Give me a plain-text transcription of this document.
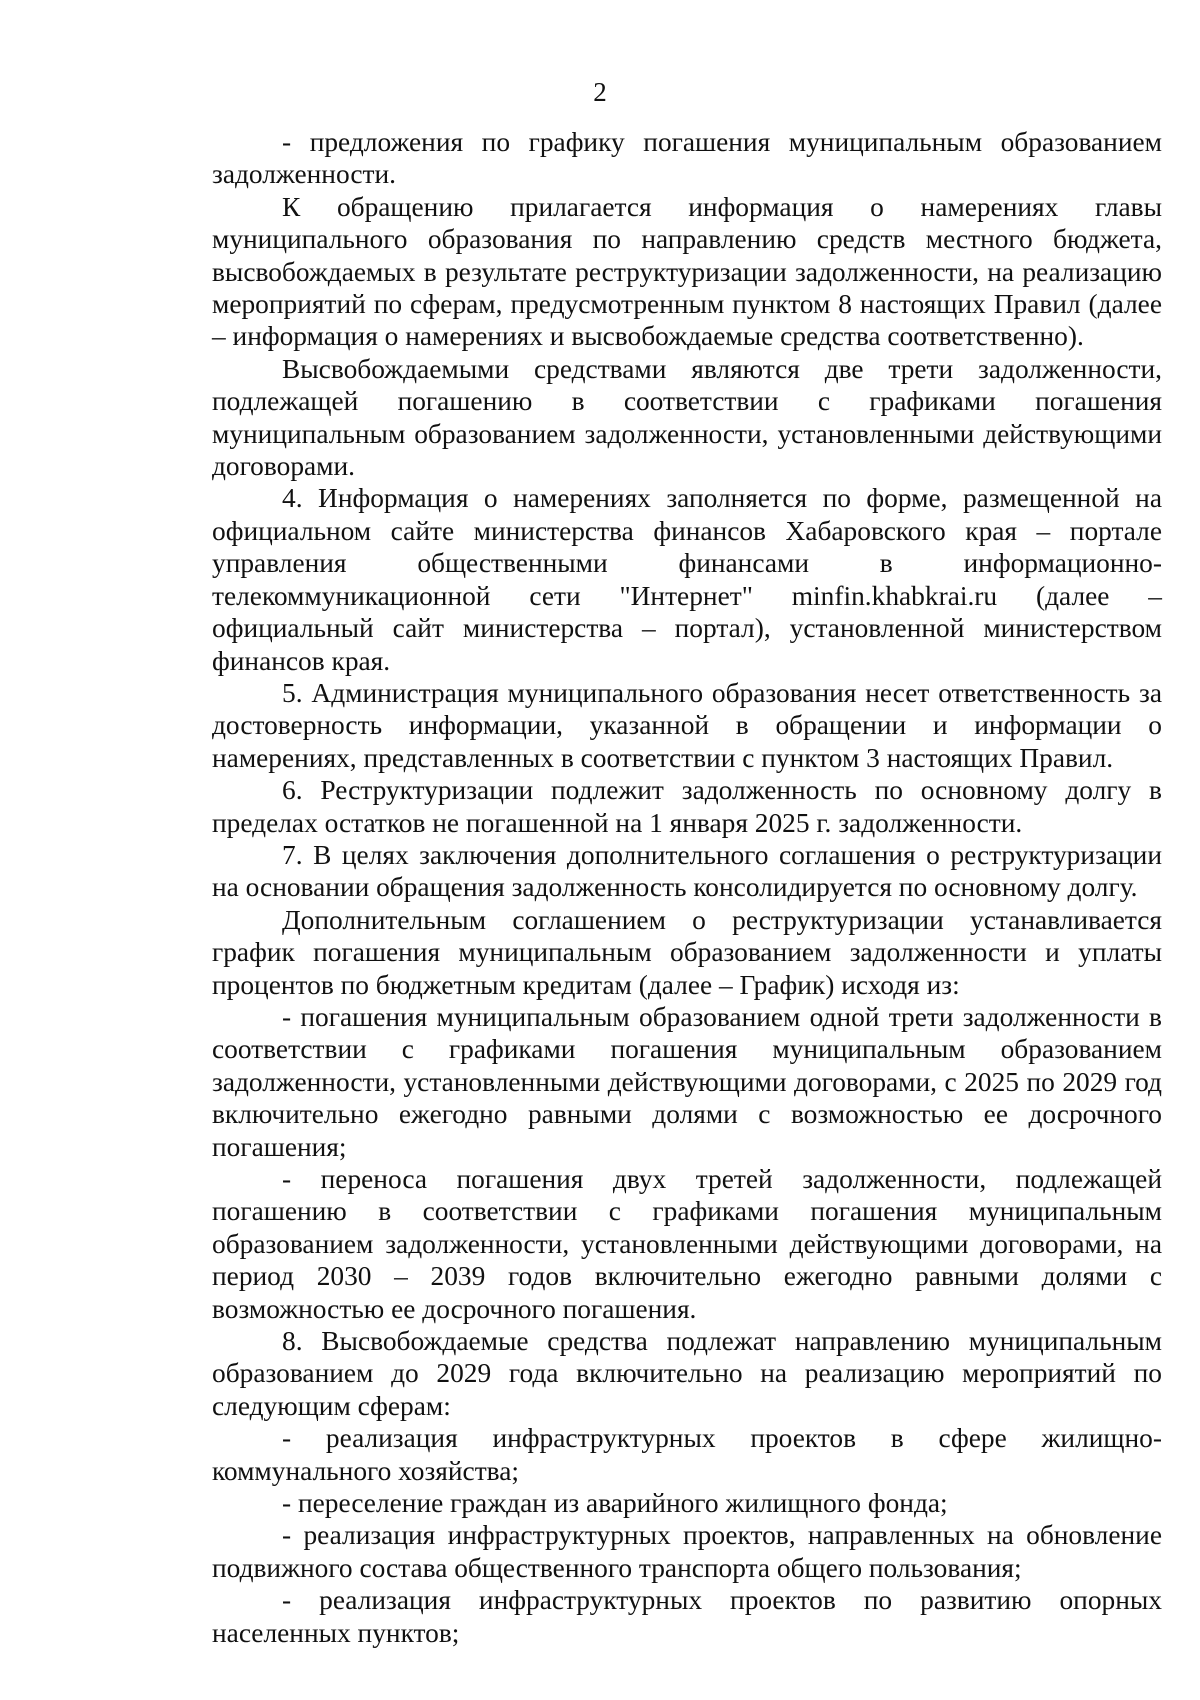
2

- предложения по графику погашения муниципальным образованием задолженности.

К обращению прилагается информация о намерениях главы муниципального образования по направлению средств местного бюджета, высвобождаемых в результате реструктуризации задолженности, на реализацию мероприятий по сферам, предусмотренным пунктом 8 настоящих Правил (далее – информация о намерениях и высвобождаемые средства соответственно).

Высвобождаемыми средствами являются две трети задолженности, подлежащей погашению в соответствии с графиками погашения муниципальным образованием задолженности, установленными действующими договорами.

4. Информация о намерениях заполняется по форме, размещенной на официальном сайте министерства финансов Хабаровского края – портале управления общественными финансами в информационно-телекоммуникационной сети "Интернет" minfin.khabkrai.ru (далее – официальный сайт министерства – портал), установленной министерством финансов края.

5. Администрация муниципального образования несет ответственность за достоверность информации, указанной в обращении и информации о намерениях, представленных в соответствии с пунктом 3 настоящих Правил.

6. Реструктуризации подлежит задолженность по основному долгу в пределах остатков не погашенной на 1 января 2025 г. задолженности.

7. В целях заключения дополнительного соглашения о реструктуризации на основании обращения задолженность консолидируется по основному долгу.

Дополнительным соглашением о реструктуризации устанавливается график погашения муниципальным образованием задолженности и уплаты процентов по бюджетным кредитам (далее – График) исходя из:

- погашения муниципальным образованием одной трети задолженности в соответствии с графиками погашения муниципальным образованием задолженности, установленными действующими договорами, с 2025 по 2029 год включительно ежегодно равными долями с возможностью ее досрочного погашения;

- переноса погашения двух третей задолженности, подлежащей погашению в соответствии с графиками погашения муниципальным образованием задолженности, установленными действующими договорами, на период 2030 – 2039 годов включительно ежегодно равными долями с возможностью ее досрочного погашения.

8. Высвобождаемые средства подлежат направлению муниципальным образованием до 2029 года включительно на реализацию мероприятий по следующим сферам:

- реализация инфраструктурных проектов в сфере жилищно-коммунального хозяйства;

- переселение граждан из аварийного жилищного фонда;

- реализация инфраструктурных проектов, направленных на обновление подвижного состава общественного транспорта общего пользования;

- реализация инфраструктурных проектов по развитию опорных населенных пунктов;
